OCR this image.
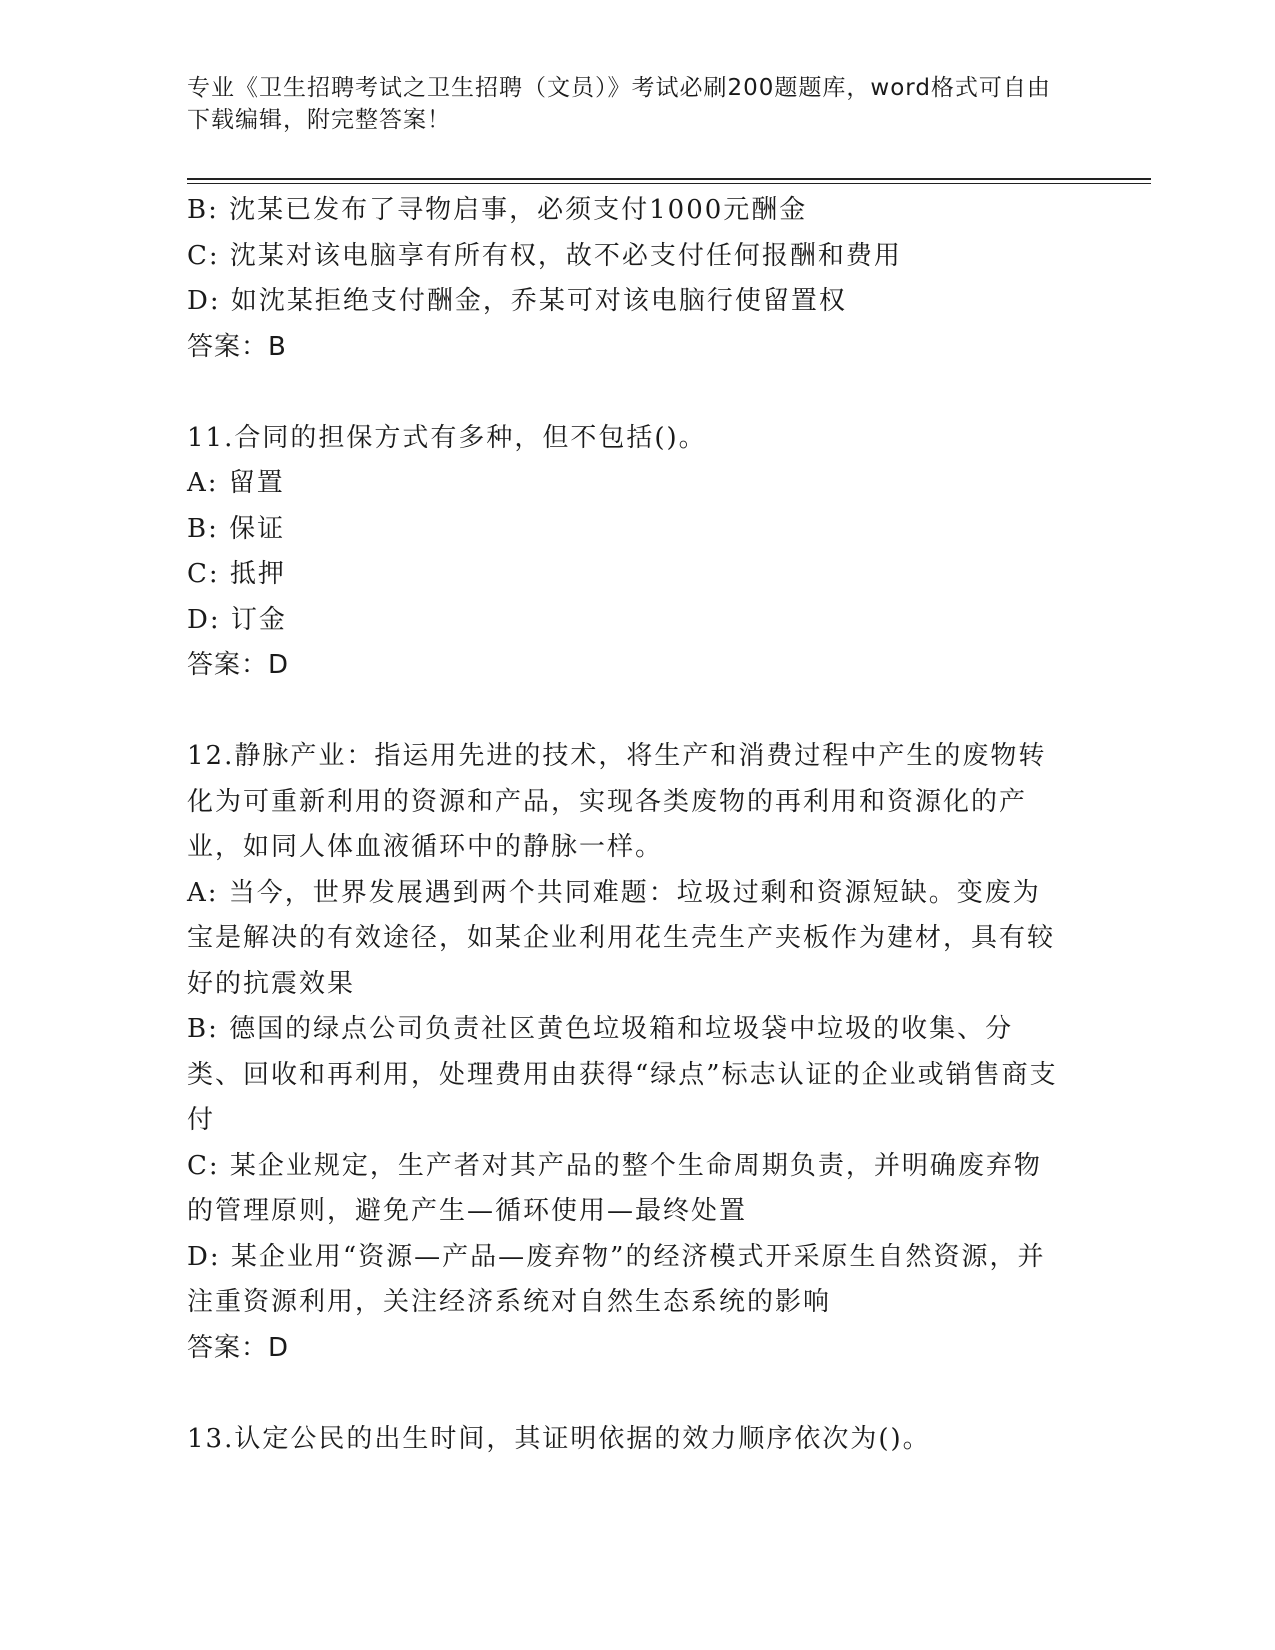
专业《卫生招聘考试之卫生招聘（文员）》考试必刷200题题库，word格式可自由下载编辑，附完整答案！

B: 沈某已发布了寻物启事，必须支付1000元酬金

C: 沈某对该电脑享有所有权，故不必支付任何报酬和费用

D: 如沈某拒绝支付酬金，乔某可对该电脑行使留置权

答案：B

11.合同的担保方式有多种，但不包括()。

A: 留置

B: 保证

C: 抵押

D: 订金

答案：D

12.静脉产业：指运用先进的技术，将生产和消费过程中产生的废物转化为可重新利用的资源和产品，实现各类废物的再利用和资源化的产业，如同人体血液循环中的静脉一样。

A: 当今，世界发展遇到两个共同难题：垃圾过剩和资源短缺。变废为宝是解决的有效途径，如某企业利用花生壳生产夹板作为建材，具有较好的抗震效果

B: 德国的绿点公司负责社区黄色垃圾箱和垃圾袋中垃圾的收集、分类、回收和再利用，处理费用由获得“绿点”标志认证的企业或销售商支付

C: 某企业规定，生产者对其产品的整个生命周期负责，并明确废弃物的管理原则，避免产生—循环使用—最终处置

D: 某企业用“资源—产品—废弃物”的经济模式开采原生自然资源，并注重资源利用，关注经济系统对自然生态系统的影响

答案：D

13.认定公民的出生时间，其证明依据的效力顺序依次为()。
